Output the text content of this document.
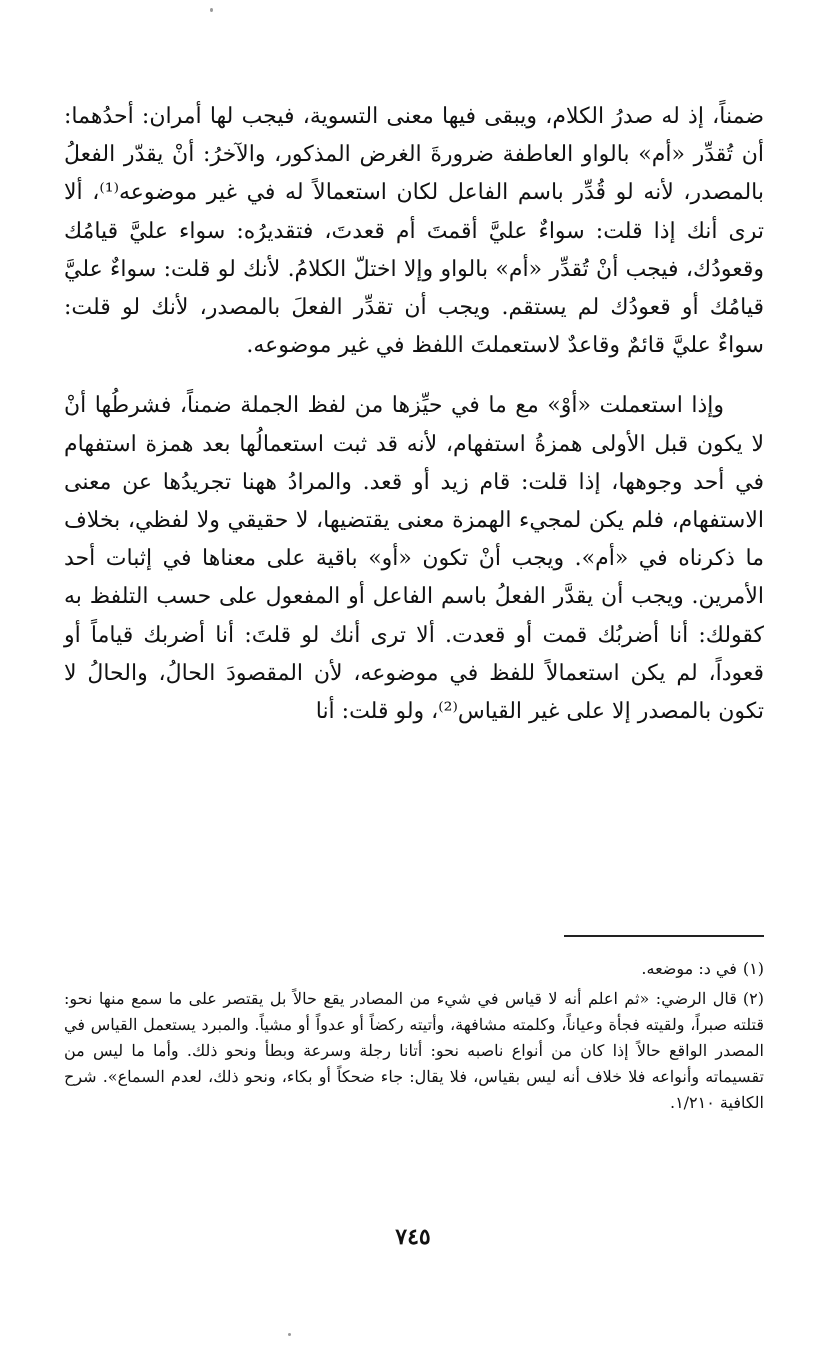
ضمناً، إذ له صدرُ الكلام، ويبقى فيها معنى التسوية، فيجب لها أمران: أحدُهما: أن تُقدِّر «أم» بالواو العاطفة ضرورةَ الغرض المذكور، والآخرُ: أنْ يقدّر الفعلُ بالمصدر، لأنه لو قُدِّر باسم الفاعل لكان استعمالاً له في غير موضوعه⁽¹⁾، ألا ترى أنك إذا قلت: سواءٌ عليَّ أقمتَ أم قعدتَ، فتقديرُه: سواء عليَّ قيامُك وقعودُك، فيجب أنْ تُقدِّر «أم» بالواو وإلا اختلّ الكلامُ. لأنك لو قلت: سواءٌ عليَّ قيامُك أو قعودُك لم يستقم. ويجب أن تقدِّر الفعلَ بالمصدر، لأنك لو قلت: سواءٌ عليَّ قائمٌ وقاعدٌ لاستعملتَ اللفظ في غير موضوعه.

وإذا استعملت «أوْ» مع ما في حيِّزها من لفظ الجملة ضمناً، فشرطُها أنْ لا يكون قبل الأولى همزةُ استفهام، لأنه قد ثبت استعمالُها بعد همزة استفهام في أحد وجوهها، إذا قلت: قام زيد أو قعد. والمرادُ ههنا تجريدُها عن معنى الاستفهام، فلم يكن لمجيء الهمزة معنى يقتضيها، لا حقيقي ولا لفظي، بخلاف ما ذكرناه في «أم». ويجب أنْ تكون «أو» باقية على معناها في إثبات أحد الأمرين. ويجب أن يقدَّر الفعلُ باسم الفاعل أو المفعول على حسب التلفظ به كقولك: أنا أضربُك قمت أو قعدت. ألا ترى أنك لو قلتَ: أنا أضربك قياماً أو قعوداً، لم يكن استعمالاً للفظ في موضوعه، لأن المقصودَ الحالُ، والحالُ لا تكون بالمصدر إلا على غير القياس⁽²⁾، ولو قلت: أنا

(١)في د: موضعه.

(٢)قال الرضي: «ثم اعلم أنه لا قياس في شيء من المصادر يقع حالاً بل يقتصر على ما سمع منها نحو: قتلته صبراً، ولقيته فجأة وعياناً، وكلمته مشافهة، وأتيته ركضاً أو عدواً أو مشياً. والمبرد يستعمل القياس في المصدر الواقع حالاً إذا كان من أنواع ناصبه نحو: أتانا رجلة وسرعة وبطأ ونحو ذلك. وأما ما ليس من تقسيماته وأنواعه فلا خلاف أنه ليس بقياس، فلا يقال: جاء ضحكاً أو بكاء، ونحو ذلك، لعدم السماع». شرح الكافية ١/٢١٠.

٧٤٥
